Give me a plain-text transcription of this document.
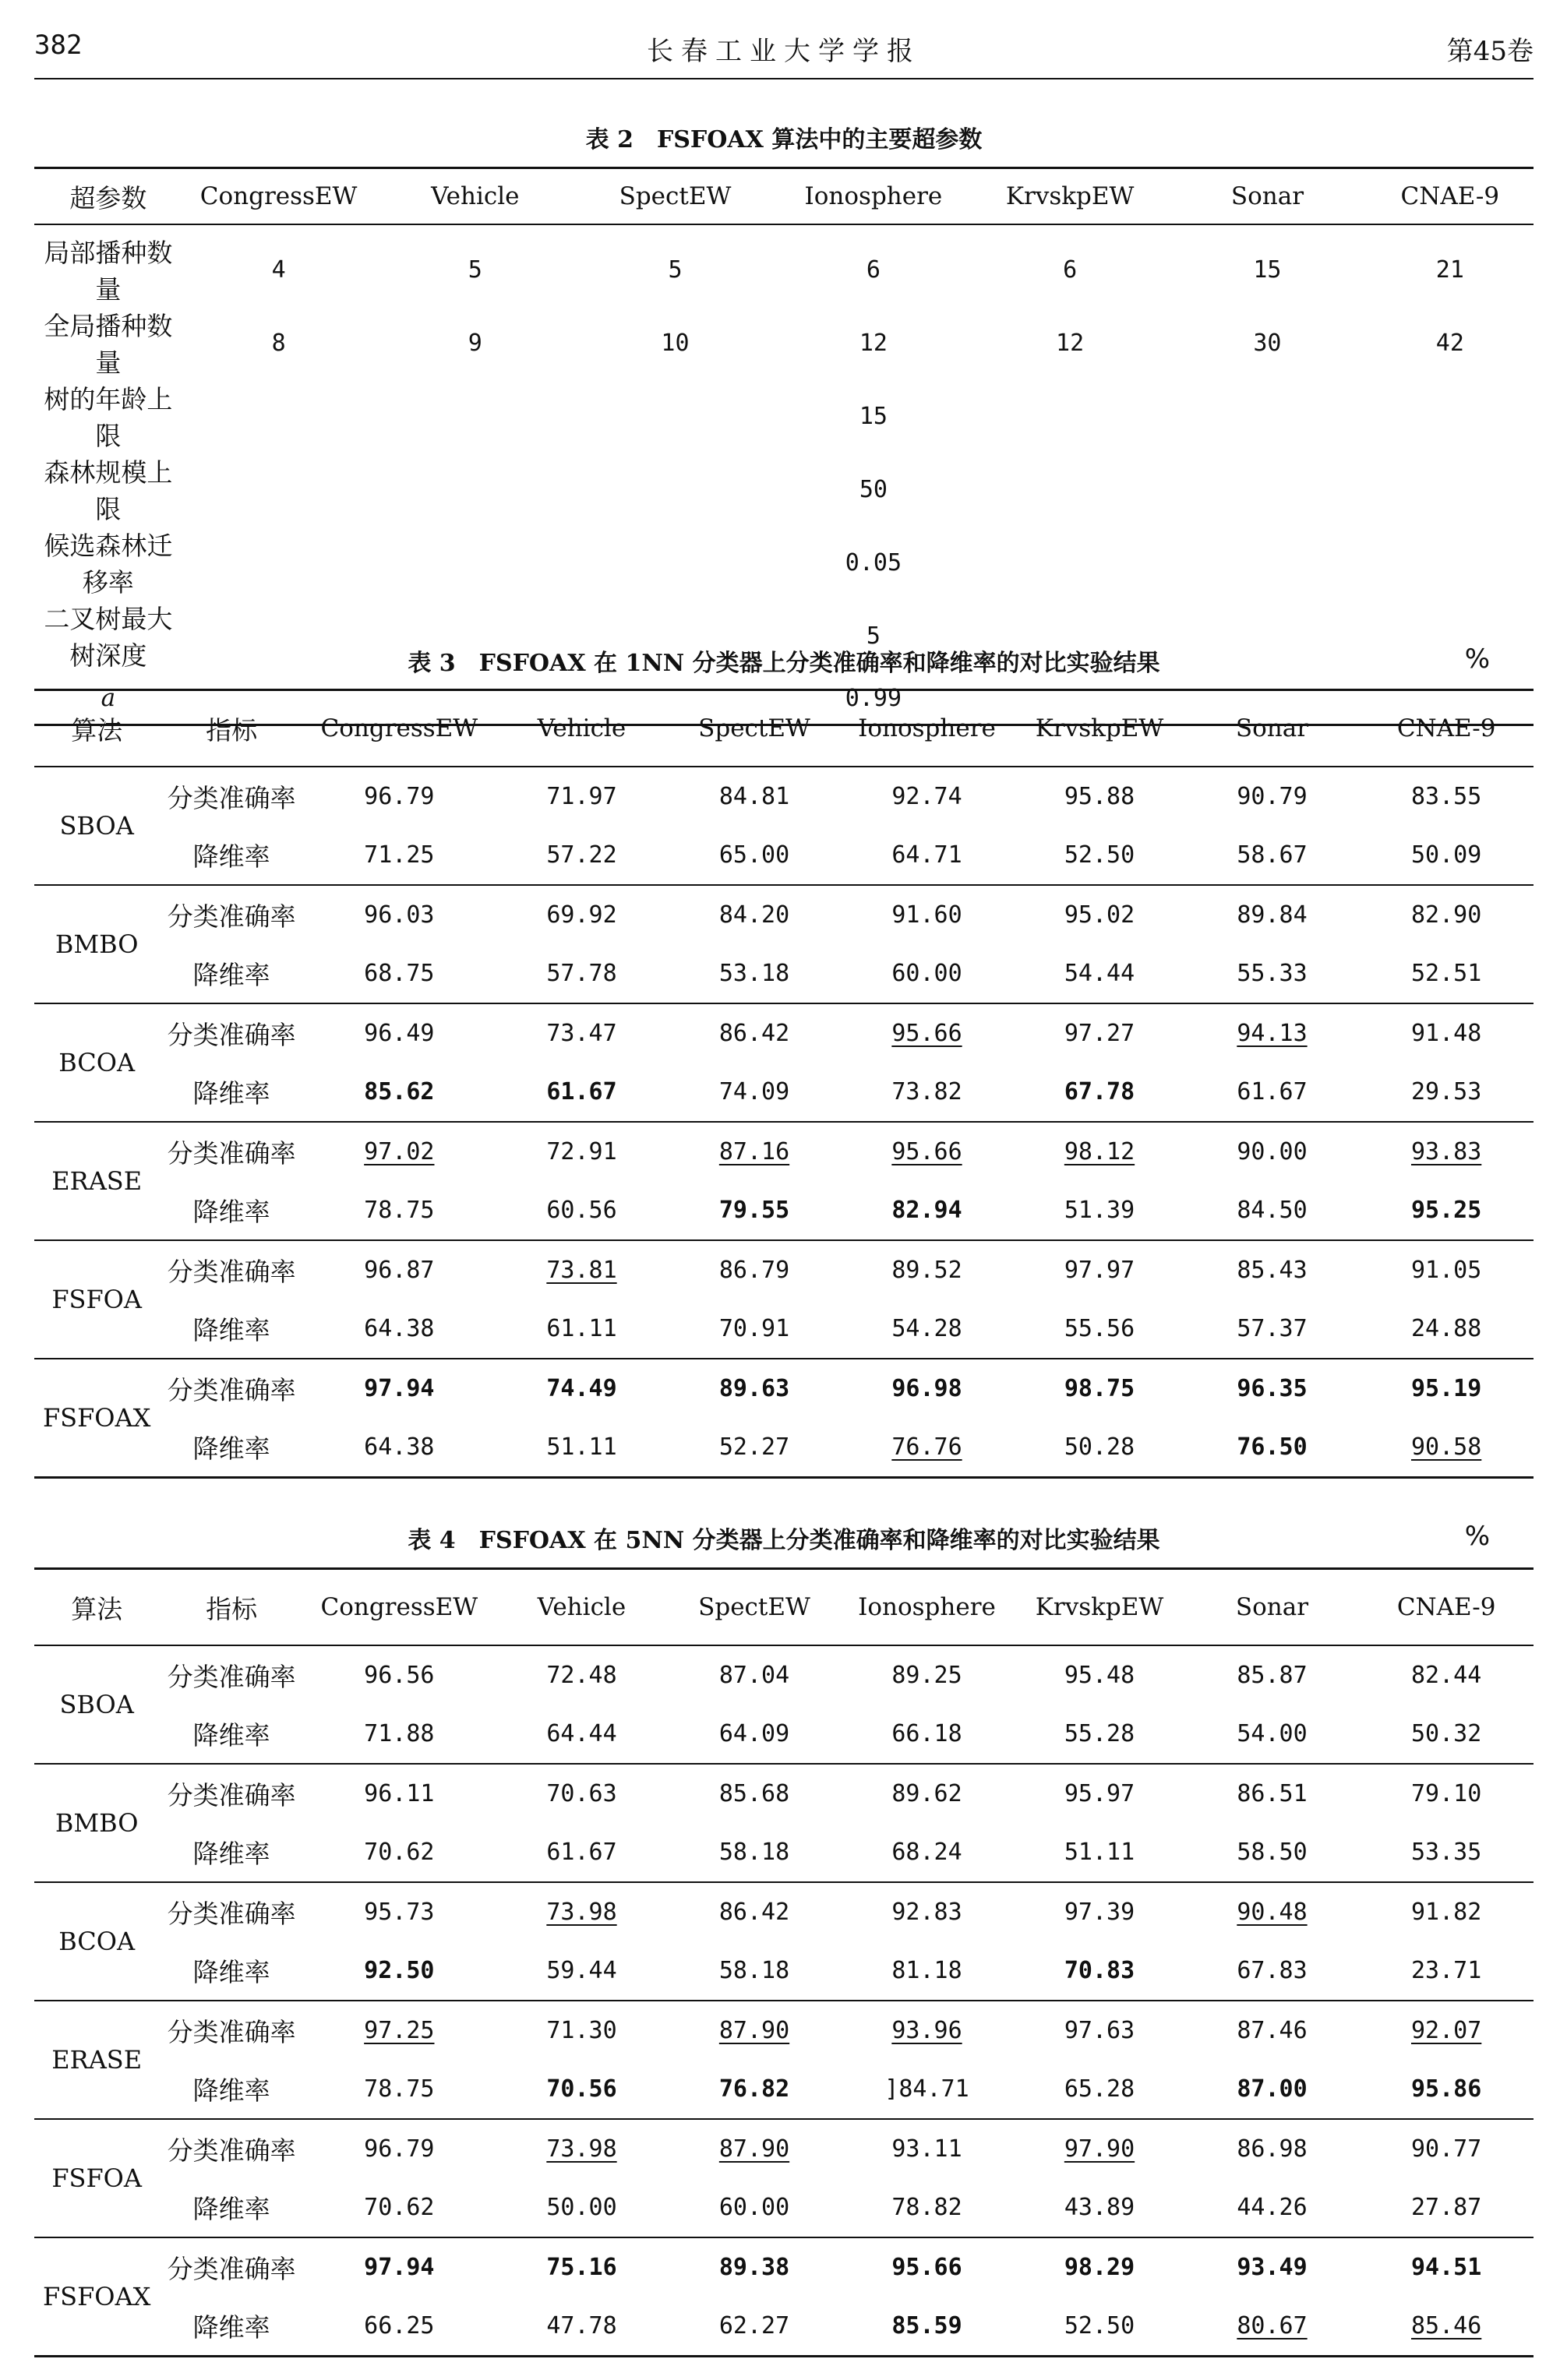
382	长春工业大学学报	第45卷
表 2　FSFOAX 算法中的主要超参数
超参数	CongressEW	Vehicle	SpectEW	Ionosphere	KrvskpEW	Sonar	CNAE-9
局部播种数量	4	5	5	6	6	15	21
全局播种数量	8	9	10	12	12	30	42
树的年龄上限				15			
森林规模上限				50			
候选森林迁移率				0.05			
二叉树最大树深度				5			
a				0.99			
表 3　FSFOAX 在 1NN 分类器上分类准确率和降维率的对比实验结果	%
算法	指标	CongressEW	Vehicle	SpectEW	Ionosphere	KrvskpEW	Sonar	CNAE-9
SBOA	分类准确率	96.79	71.97	84.81	92.74	95.88	90.79	83.55
	降维率	71.25	57.22	65.00	64.71	52.50	58.67	50.09
BMBO	分类准确率	96.03	69.92	84.20	91.60	95.02	89.84	82.90
	降维率	68.75	57.78	53.18	60.00	54.44	55.33	52.51
BCOA	分类准确率	96.49	73.47	86.42	95.66	97.27	94.13	91.48
	降维率	85.62	61.67	74.09	73.82	67.78	61.67	29.53
ERASE	分类准确率	97.02	72.91	87.16	95.66	98.12	90.00	93.83
	降维率	78.75	60.56	79.55	82.94	51.39	84.50	95.25
FSFOA	分类准确率	96.87	73.81	86.79	89.52	97.97	85.43	91.05
	降维率	64.38	61.11	70.91	54.28	55.56	57.37	24.88
FSFOAX	分类准确率	97.94	74.49	89.63	96.98	98.75	96.35	95.19
	降维率	64.38	51.11	52.27	76.76	50.28	76.50	90.58
表 4　FSFOAX 在 5NN 分类器上分类准确率和降维率的对比实验结果	%
算法	指标	CongressEW	Vehicle	SpectEW	Ionosphere	KrvskpEW	Sonar	CNAE-9
SBOA	分类准确率	96.56	72.48	87.04	89.25	95.48	85.87	82.44
	降维率	71.88	64.44	64.09	66.18	55.28	54.00	50.32
BMBO	分类准确率	96.11	70.63	85.68	89.62	95.97	86.51	79.10
	降维率	70.62	61.67	58.18	68.24	51.11	58.50	53.35
BCOA	分类准确率	95.73	73.98	86.42	92.83	97.39	90.48	91.82
	降维率	92.50	59.44	58.18	81.18	70.83	67.83	23.71
ERASE	分类准确率	97.25	71.30	87.90	93.96	97.63	87.46	92.07
	降维率	78.75	70.56	76.82	]84.71	65.28	87.00	95.86
FSFOA	分类准确率	96.79	73.98	87.90	93.11	97.90	86.98	90.77
	降维率	70.62	50.00	60.00	78.82	43.89	44.26	27.87
FSFOAX	分类准确率	97.94	75.16	89.38	95.66	98.29	93.49	94.51
	降维率	66.25	47.78	62.27	85.59	52.50	80.67	85.46
